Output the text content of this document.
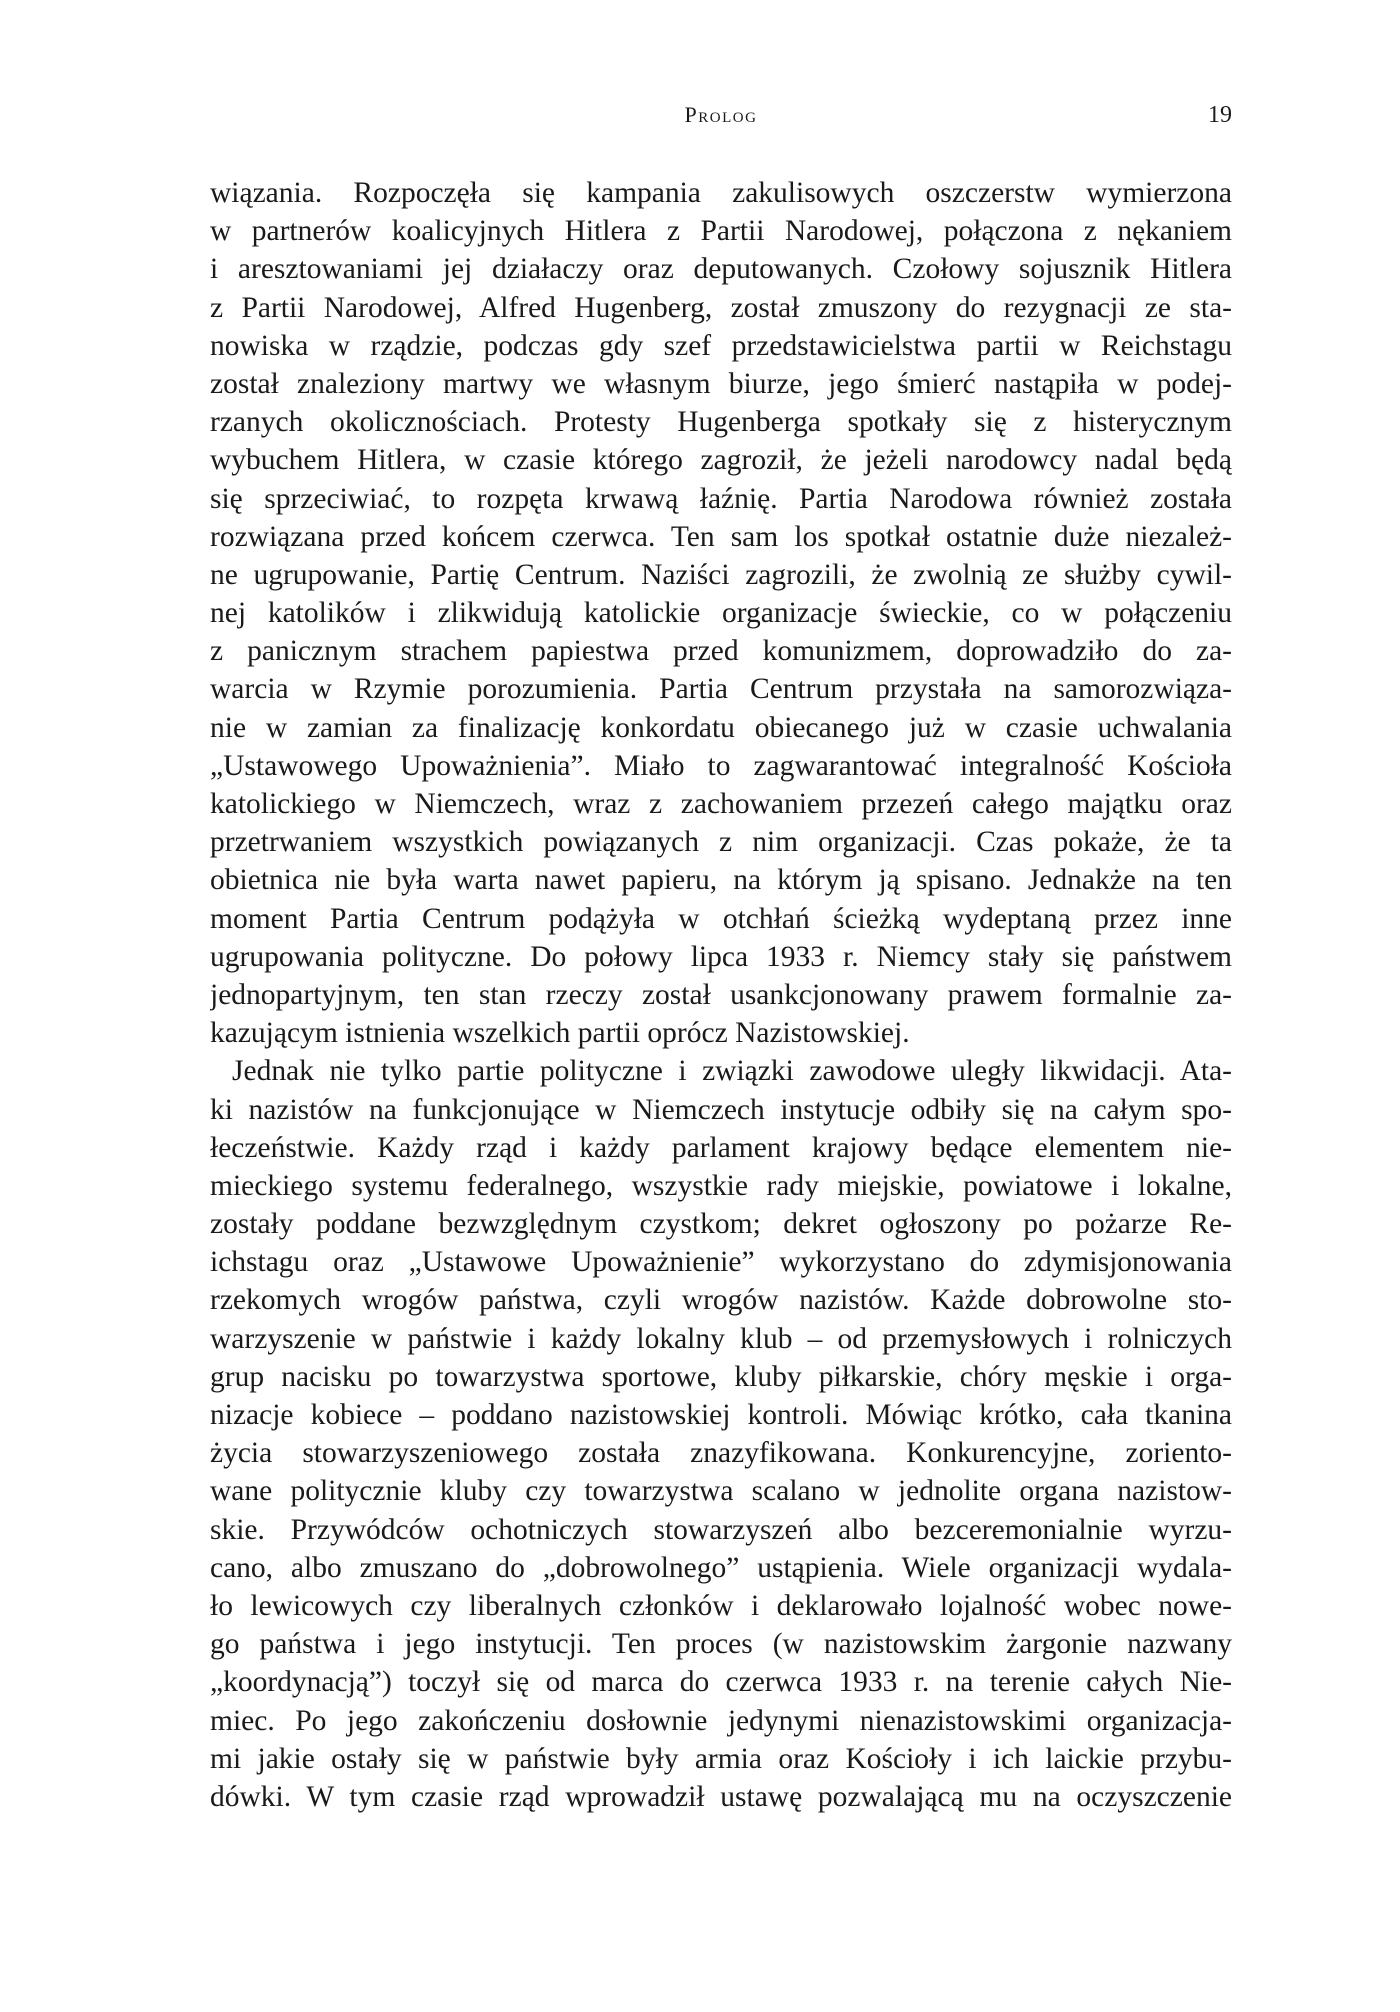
Prolog	19
wiązania. Rozpoczęła się kampania zakulisowych oszczerstw wymierzona
w partnerów koalicyjnych Hitlera z Partii Narodowej, połączona z nękaniem
i aresztowaniami jej działaczy oraz deputowanych. Czołowy sojusznik Hitlera
z Partii Narodowej, Alfred Hugenberg, został zmuszony do rezygnacji ze sta-
nowiska w rządzie, podczas gdy szef przedstawicielstwa partii w Reichstagu
został znaleziony martwy we własnym biurze, jego śmierć nastąpiła w podej-
rzanych okolicznościach. Protesty Hugenberga spotkały się z histerycznym
wybuchem Hitlera, w czasie którego zagroził, że jeżeli narodowcy nadal będą
się sprzeciwiać, to rozpęta krwawą łaźnię. Partia Narodowa również została
rozwiązana przed końcem czerwca. Ten sam los spotkał ostatnie duże niezależ-
ne ugrupowanie, Partię Centrum. Naziści zagrozili, że zwolnią ze służby cywil-
nej katolików i zlikwidują katolickie organizacje świeckie, co w połączeniu
z panicznym strachem papiestwa przed komunizmem, doprowadziło do za-
warcia w Rzymie porozumienia. Partia Centrum przystała na samorozwiąza-
nie w zamian za finalizację konkordatu obiecanego już w czasie uchwalania
„Ustawowego Upoważnienia”. Miało to zagwarantować integralność Kościoła
katolickiego w Niemczech, wraz z zachowaniem przezeń całego majątku oraz
przetrwaniem wszystkich powiązanych z nim organizacji. Czas pokaże, że ta
obietnica nie była warta nawet papieru, na którym ją spisano. Jednakże na ten
moment Partia Centrum podążyła w otchłań ścieżką wydeptaną przez inne
ugrupowania polityczne. Do połowy lipca 1933 r. Niemcy stały się państwem
jednopartyjnym, ten stan rzeczy został usankcjonowany prawem formalnie za-
kazującym istnienia wszelkich partii oprócz Nazistowskiej.
Jednak nie tylko partie polityczne i związki zawodowe uległy likwidacji. Ata-
ki nazistów na funkcjonujące w Niemczech instytucje odbiły się na całym spo-
łeczeństwie. Każdy rząd i każdy parlament krajowy będące elementem nie-
mieckiego systemu federalnego, wszystkie rady miejskie, powiatowe i lokalne,
zostały poddane bezwzględnym czystkom; dekret ogłoszony po pożarze Re-
ichstagu oraz „Ustawowe Upoważnienie” wykorzystano do zdymisjonowania
rzekomych wrogów państwa, czyli wrogów nazistów. Każde dobrowolne sto-
warzyszenie w państwie i każdy lokalny klub – od przemysłowych i rolniczych
grup nacisku po towarzystwa sportowe, kluby piłkarskie, chóry męskie i orga-
nizacje kobiece – poddano nazistowskiej kontroli. Mówiąc krótko, cała tkanina
życia stowarzyszeniowego została znazyfikowana. Konkurencyjne, zoriento-
wane politycznie kluby czy towarzystwa scalano w jednolite organa nazistow-
skie. Przywódców ochotniczych stowarzyszeń albo bezceremonialnie wyrzu-
cano, albo zmuszano do „dobrowolnego” ustąpienia. Wiele organizacji wydala-
ło lewicowych czy liberalnych członków i deklarowało lojalność wobec nowe-
go państwa i jego instytucji. Ten proces (w nazistowskim żargonie nazwany
„koordynacją”) toczył się od marca do czerwca 1933 r. na terenie całych Nie-
miec. Po jego zakończeniu dosłownie jedynymi nienazistowskimi organizacja-
mi jakie ostały się w państwie były armia oraz Kościoły i ich laickie przybu-
dówki. W tym czasie rząd wprowadził ustawę pozwalającą mu na oczyszczenie
